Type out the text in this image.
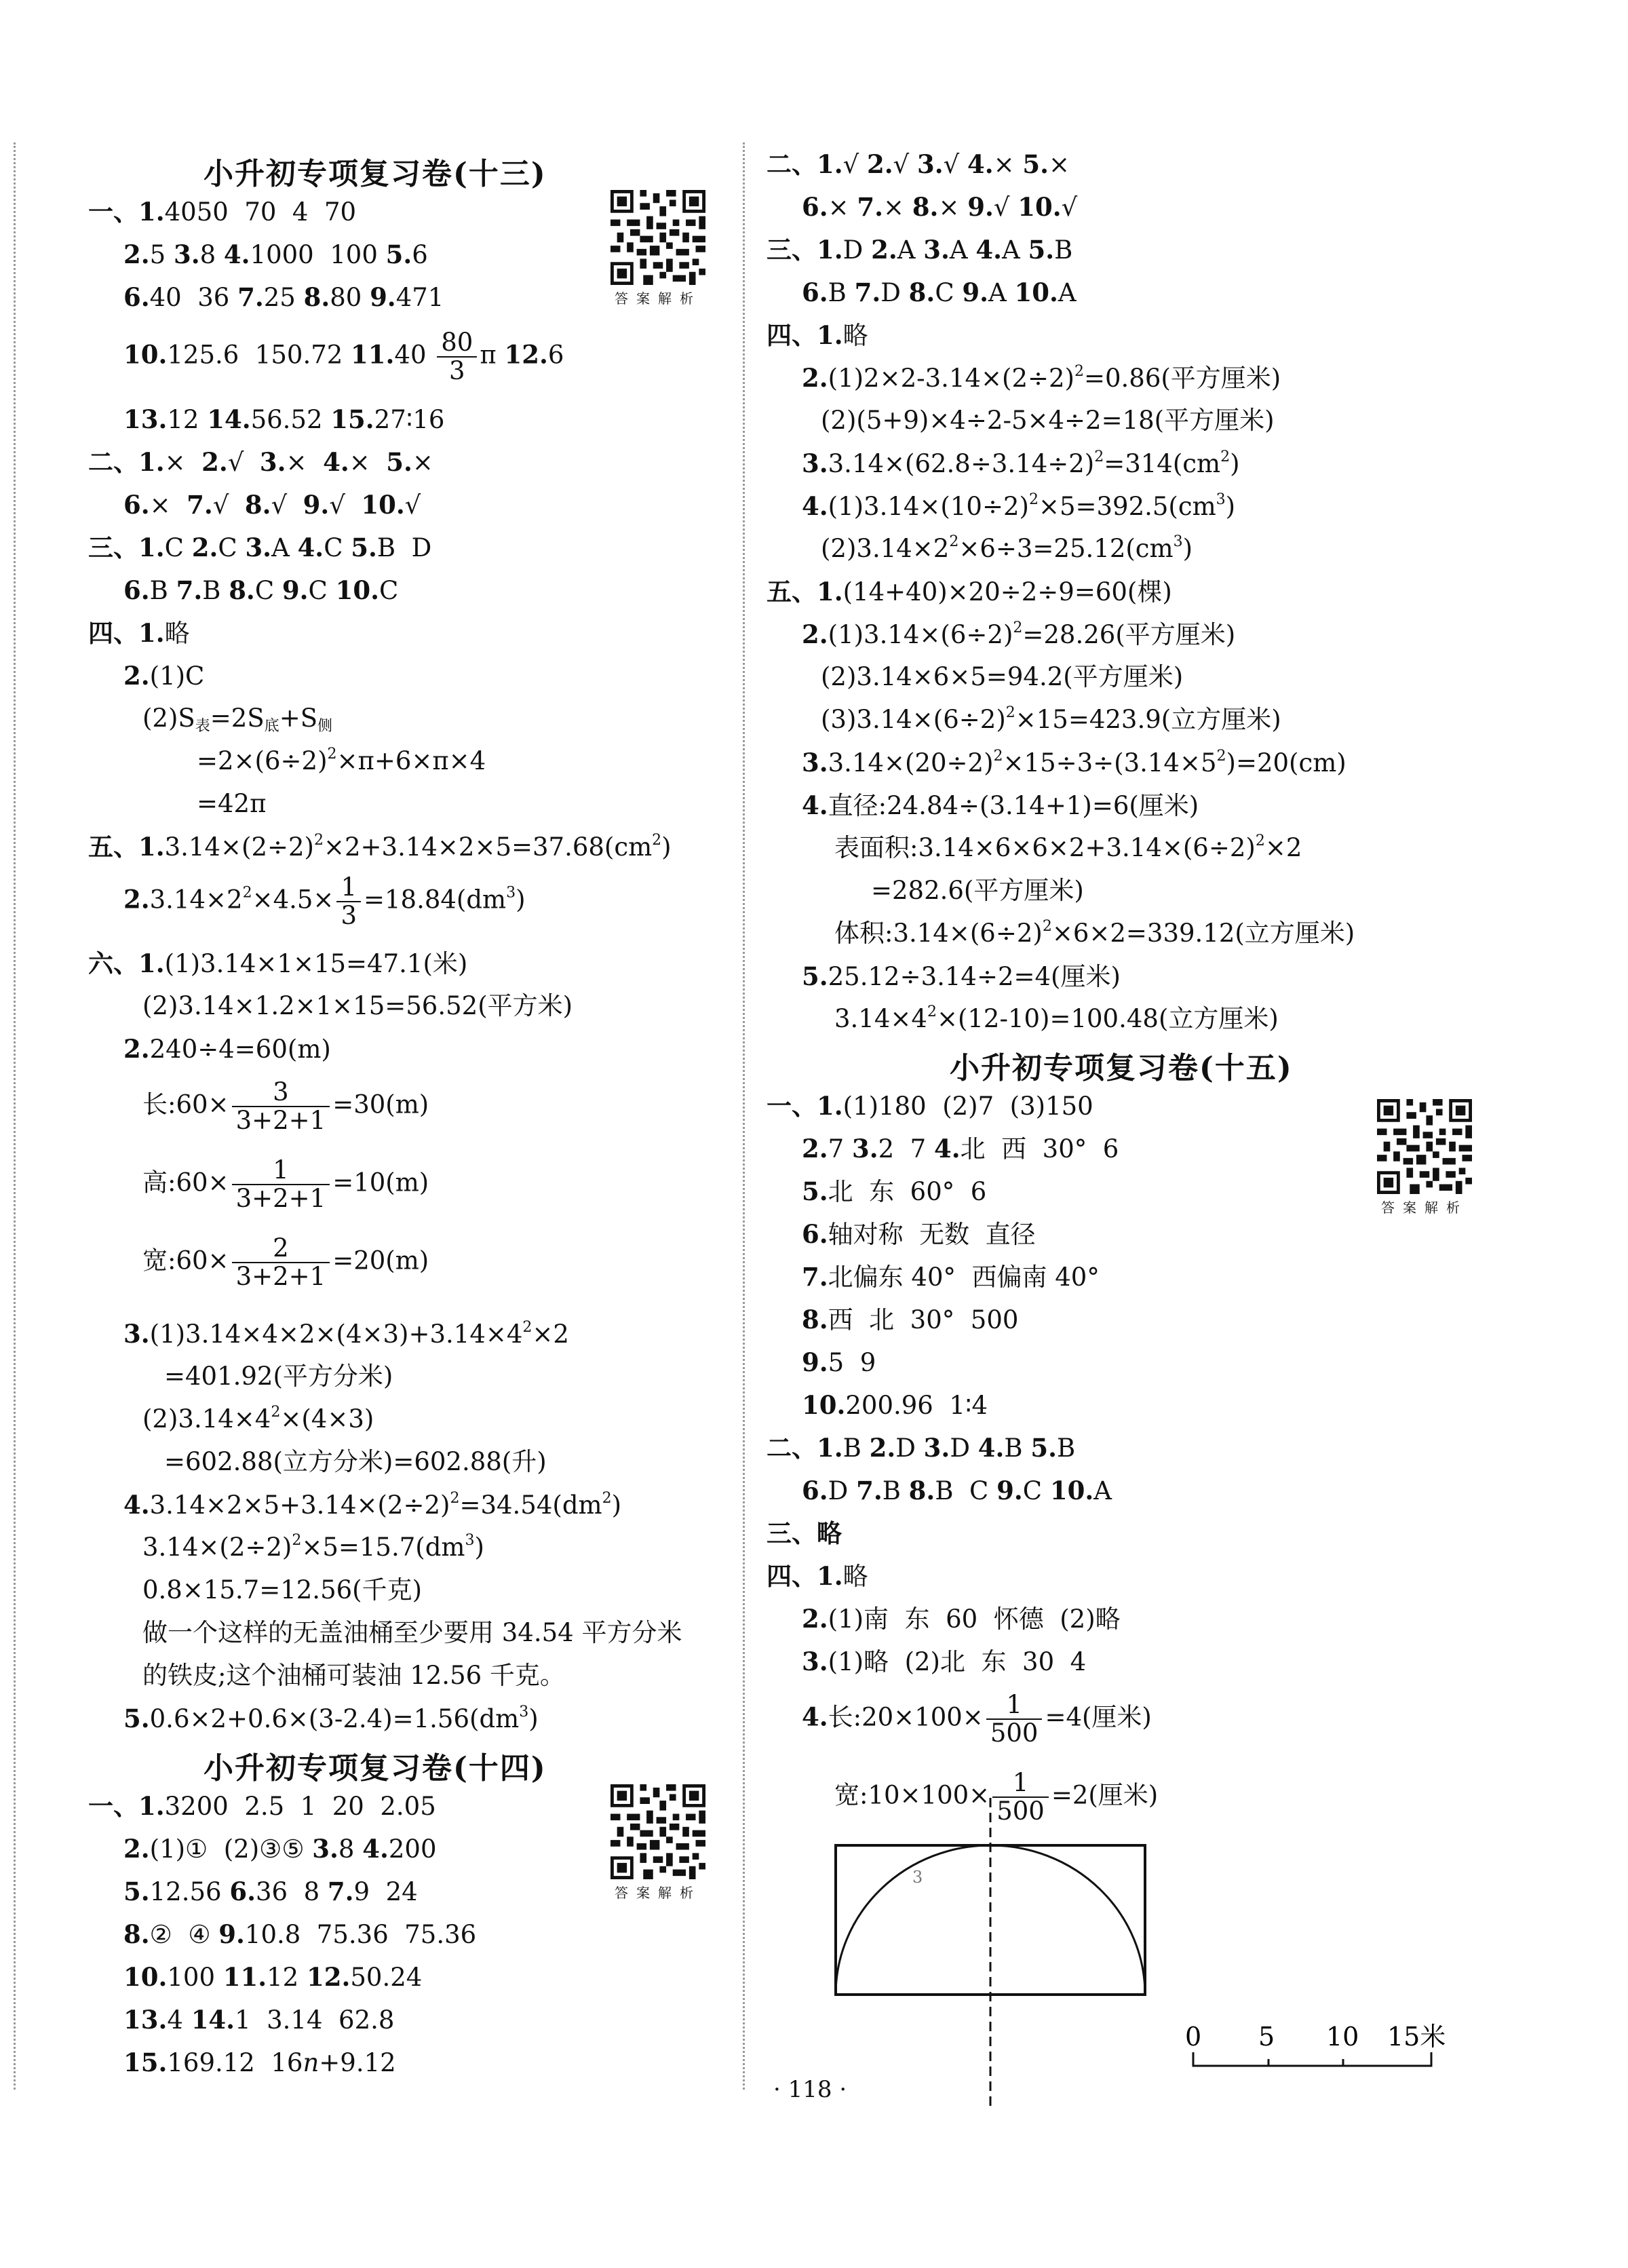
小升初专项复习卷(十三)
答案解析
一、1.4050  70  4  70
2.5 3.8 4.1000  100 5.6
6.40  36 7.25 8.80 9.471
10.125.6  150.72 $11.40 \frac{80}{3}$ π 12.6
13.12 14.56.52 15.27∶16
二、1.×  2.√  3.×  4.×  5.×
6.×  7.√  8.√  9.√  10.√
三、1.C 2.C 3.A 4.C 5.B  D
6.B 7.B 8.C 9.C 10.C
四、1.略
2.(1)C
$(2)S_表=2S_底+S_侧$
$=2\times(6\div 2)^2\times\pi+6\times\pi\times 4$
=42π
五、$1.3.14\times(2\div 2)^2\times 2+3.14\times 2\times 5=37.68(cm^2)$
$2.3.14\times 2^2\times 4.5\times \frac{1}{3} =18.84(dm^3)$
六、1.(1)3.14×1×15=47.1(米)
(2)3.14×1.2×1×15=56.52(平方米)
2.240÷4=60(m)
长:60× $\frac{3}{3+2+1} =30(m)$
高:60× $\frac{1}{3+2+1} =10(m)$
宽:60× $\frac{2}{3+2+1} =20(m)$
$3.(1)3.14\times 4\times 2\times(4\times 3)+3.14\times 4^2\times 2$
=401.92(平方分米)
$(2)3.14\times 4^2\times(4\times 3)$
=602.88(立方分米)=602.88(升)
$4.3.14\times 2\times 5+3.14\times(2\div 2)^2=34.54(dm^2)$
$3.14\times(2\div 2)^2\times 5=15.7(dm^3)$
0.8×15.7=12.56(千克)
做一个这样的无盖油桶至少要用 34.54 平方分米
的铁皮;这个油桶可装油 12.56 千克。
$5.0.6\times 2+0.6\times(3-2.4)=1.56(dm^3)$
小升初专项复习卷(十四)
答案解析
一、1.3200  2.5  1  20  2.05
2.(1)①  (2)③⑤ 3.8 4.200
5.12.56 6.36  8 7.9  24
8.②  ④ 9.10.8  75.36  75.36
10.100 11.12 12.50.24
13.4 14.1  3.14  62.8
15.169.12  16n+9.12
二、1.√ 2.√ 3.√ 4.× 5.×
6.× 7.× 8.× 9.√ 10.√
三、1.D 2.A 3.A 4.A 5.B
6.B 7.D 8.C 9.A 10.A
四、1.略
$2.(1)2\times 2-3.14\times(2\div 2)^2=0.86$(平方厘米)
(2)(5+9)×4÷2-5×4÷2=18(平方厘米)
$3.3.14\times(62.8\div 3.14\div 2)^2=314(cm^2)$
$4.(1)3.14\times(10\div 2)^2\times 5=392.5(cm^3)$
$(2)3.14\times 2^2\times 6\div 3=25.12(cm^3)$
五、1.(14+40)×20÷2÷9=60(棵)
$2.(1)3.14\times(6\div 2)^2=28.26$(平方厘米)
(2)3.14×6×5=94.2(平方厘米)
$(3)3.14\times(6\div 2)^2\times 15=423.9$(立方厘米)
$3.3.14\times(20\div 2)^2\times 15\div 3\div(3.14\times 5^2)=20(cm)$
4.直径:24.84÷(3.14+1)=6(厘米)
表面积$:3.14\times 6\times 6\times 2+3.14\times(6\div 2)^2\times 2$
=282.6(平方厘米)
体积$:3.14\times(6\div 2)^2\times 6\times 2=339.12$(立方厘米)
5.25.12÷3.14÷2=4(厘米)
$3.14\times 4^2\times(12-10)=100.48$(立方厘米)
小升初专项复习卷(十五)
答案解析
一、1.(1)180  (2)7  (3)150
2.7 3.2  7 4.北  西  30°  6
5.北  东  60°  6
6.轴对称  无数  直径
7.北偏东 40°  西偏南 40°
8.西  北  30°  500
9.5  9
10.200.96  1∶4
二、1.B 2.D 3.D 4.B 5.B
6.D 7.B 8.B  C 9.C 10.A
三、略
四、1.略
2.(1)南  东  60  怀德  (2)略
3.(1)略  (2)北  东  30  4
4.长:20×100× $\frac{1}{500} =4$(厘米)
宽:10×100× $\frac{1}{500} =2$(厘米)
3
0 5 10 15米
· 118 ·
